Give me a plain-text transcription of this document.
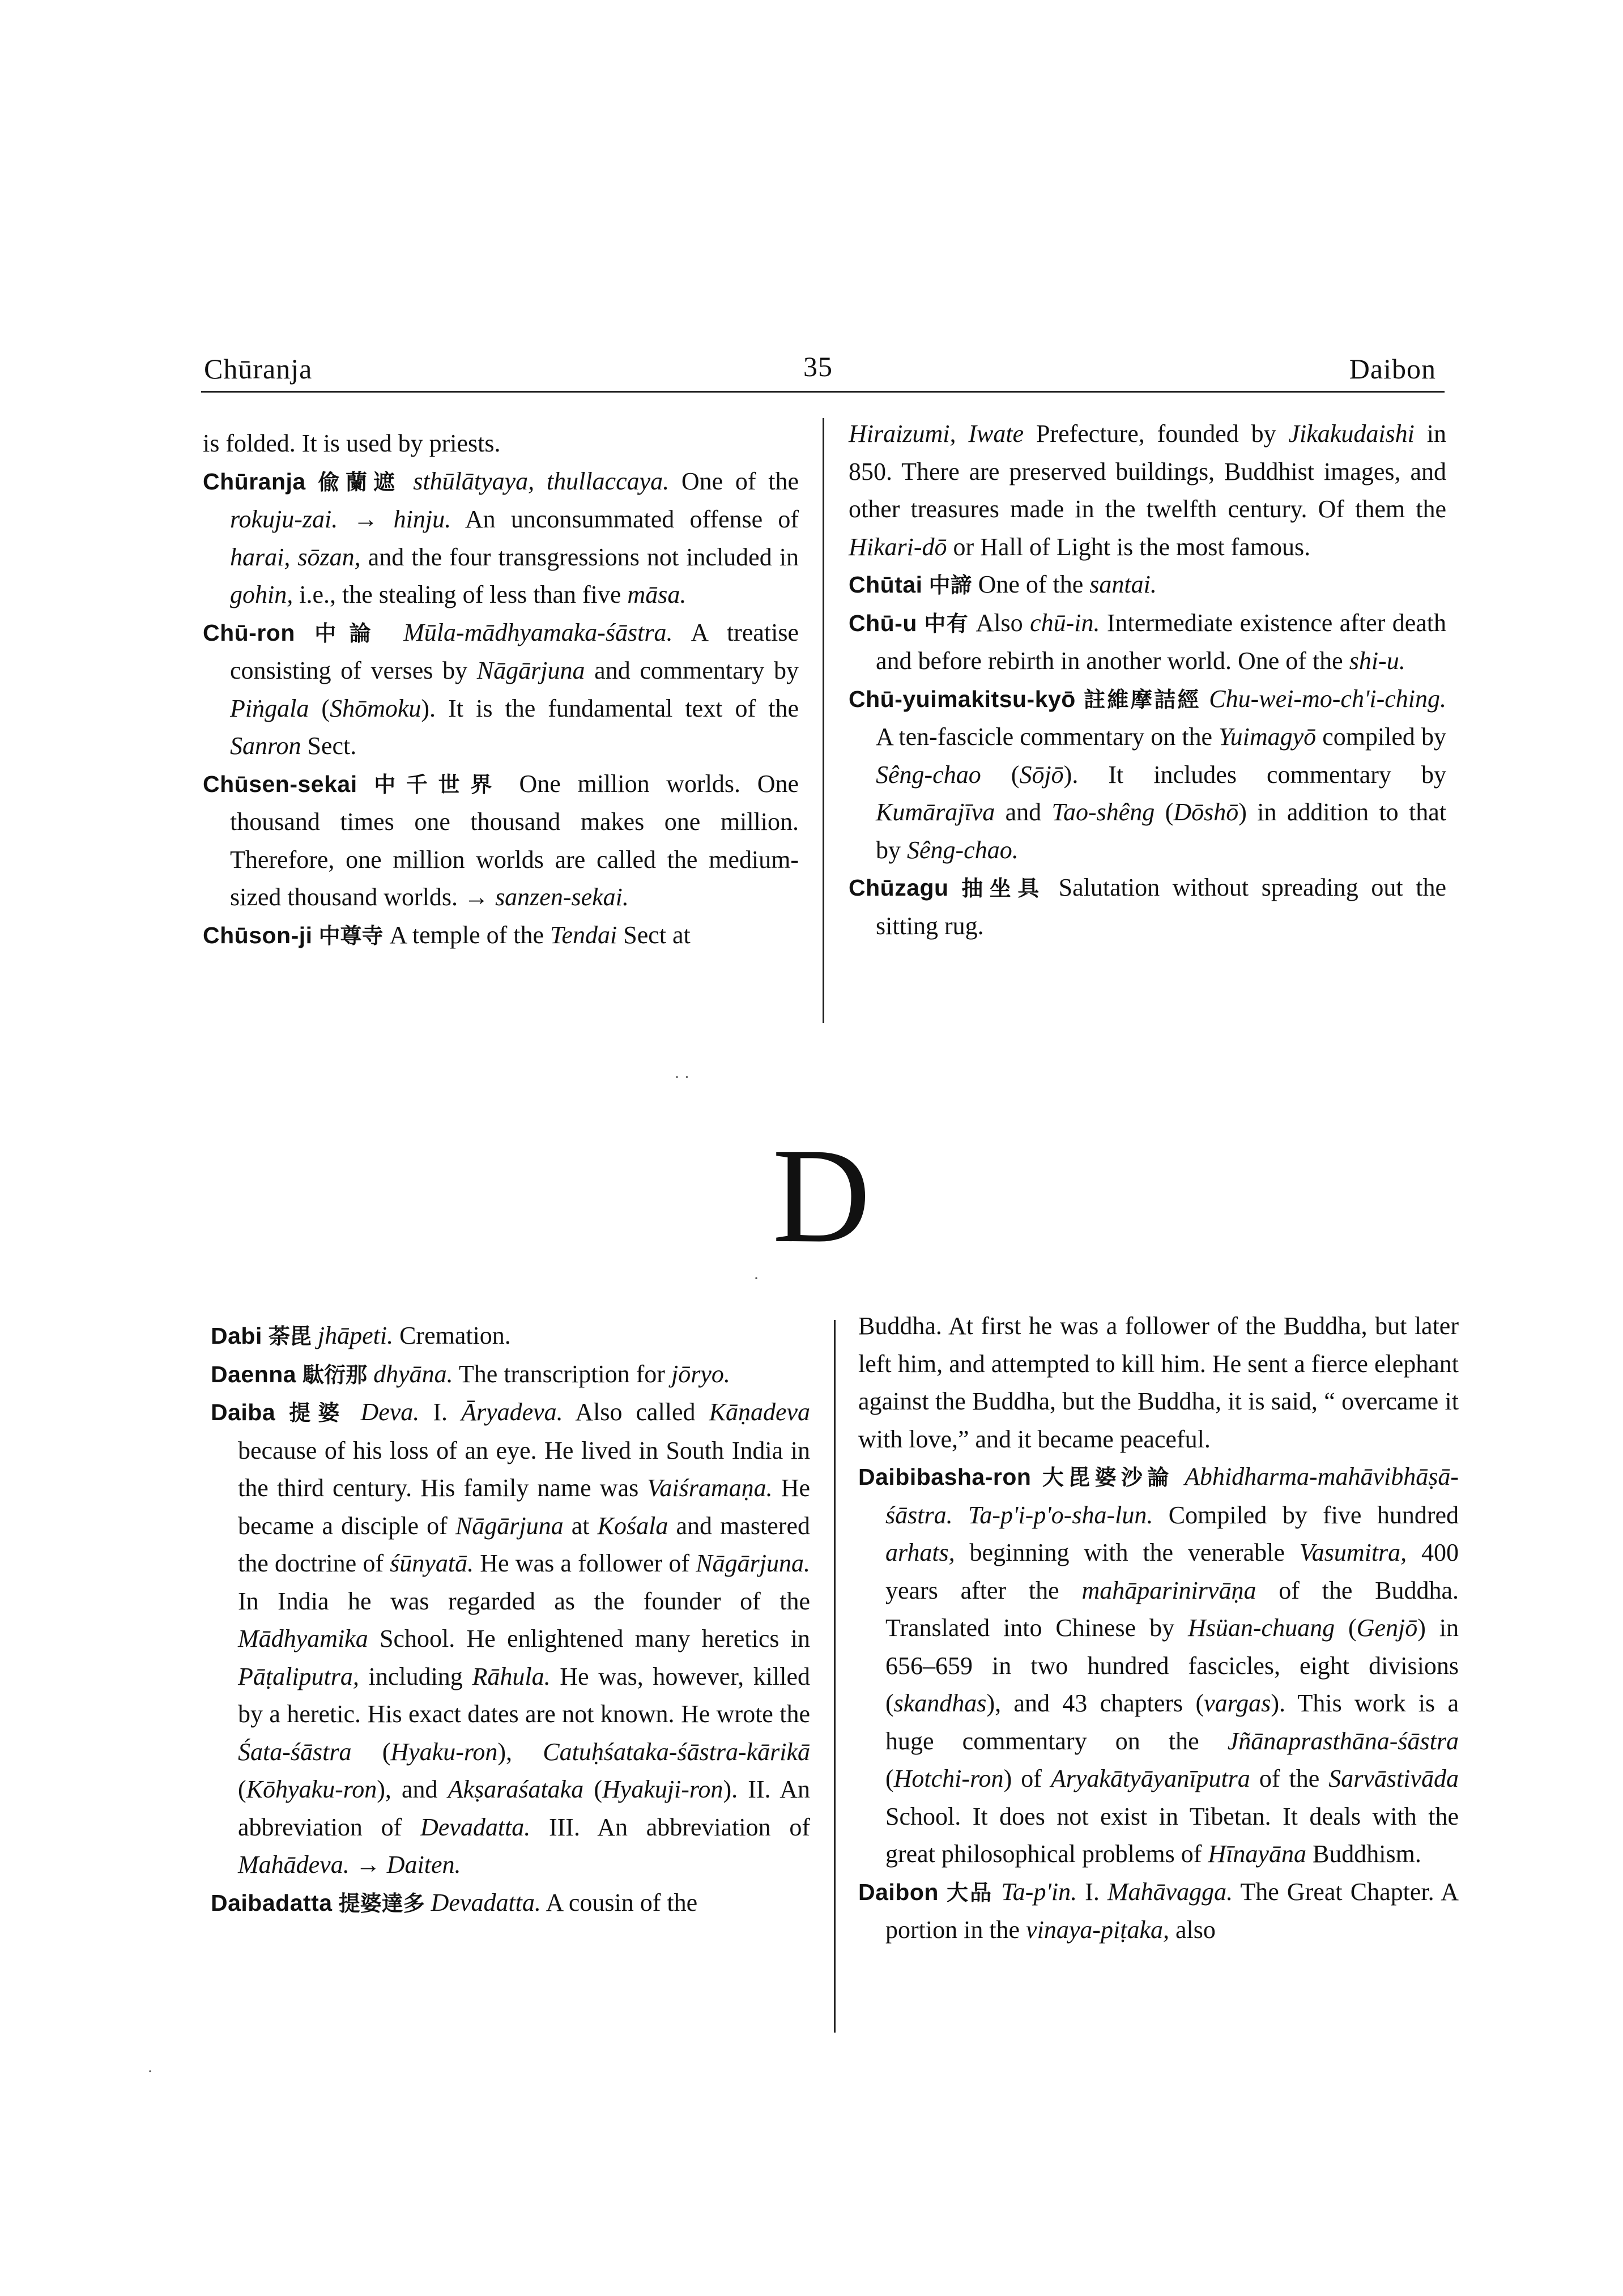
Chūranja	35	Daibon

is folded. It is used by priests.

Chūranja 偸蘭遮 sthūlātyaya, thullaccaya. One of the rokuju-zai. → hinju. An unconsummated offense of harai, sōzan, and the four transgressions not included in gohin, i.e., the stealing of less than five māsa.

Chū-ron 中論 Mūla-mādhyamaka-śāstra. A treatise consisting of verses by Nāgārjuna and commentary by Piṅgala (Shōmoku). It is the fundamental text of the Sanron Sect.

Chūsen-sekai 中千世界 One million worlds. One thousand times one thousand makes one million. Therefore, one million worlds are called the medium-sized thousand worlds. → sanzen-sekai.

Chūson-ji 中尊寺 A temple of the Tendai Sect at

Hiraizumi, Iwate Prefecture, founded by Jikakudaishi in 850. There are preserved buildings, Buddhist images, and other treasures made in the twelfth century. Of them the Hikari-dō or Hall of Light is the most famous.

Chūtai 中諦 One of the santai.

Chū-u 中有 Also chū-in. Intermediate existence after death and before rebirth in another world. One of the shi-u.

Chū-yuimakitsu-kyō 註維摩詰經 Chu-wei-mo-ch'i-ching. A ten-fascicle commentary on the Yuimagyō compiled by Sêng-chao (Sōjō). It includes commentary by Kumārajīva and Tao-shêng (Dōshō) in addition to that by Sêng-chao.

Chūzagu 抽坐具 Salutation without spreading out the sitting rug.

D

Dabi 荼毘 jhāpeti. Cremation.

Daenna 駄衍那 dhyāna. The transcription for jōryo.

Daiba 提婆 Deva. I. Āryadeva. Also called Kāṇadeva because of his loss of an eye. He lived in South India in the third century. His family name was Vaiśramaṇa. He became a disciple of Nāgārjuna at Kośala and mastered the doctrine of śūnyatā. He was a follower of Nāgārjuna. In India he was regarded as the founder of the Mādhyamika School. He enlightened many heretics in Pāṭaliputra, including Rāhula. He was, however, killed by a heretic. His exact dates are not known. He wrote the Śata-śāstra (Hyaku-ron), Catuḥśataka-śāstra-kārikā (Kōhyaku-ron), and Akṣaraśataka (Hyakuji-ron). II. An abbreviation of Devadatta. III. An abbreviation of Mahādeva. → Daiten.

Daibadatta 提婆達多 Devadatta. A cousin of the

Buddha. At first he was a follower of the Buddha, but later left him, and attempted to kill him. He sent a fierce elephant against the Buddha, but the Buddha, it is said, “ overcame it with love,” and it became peaceful.

Daibibasha-ron 大毘婆沙論 Abhidharma-mahāvibhāṣā-śāstra. Ta-p'i-p'o-sha-lun. Compiled by five hundred arhats, beginning with the venerable Vasumitra, 400 years after the mahāparinirvāṇa of the Buddha. Translated into Chinese by Hsüan-chuang (Genjō) in 656–659 in two hundred fascicles, eight divisions (skandhas), and 43 chapters (vargas). This work is a huge commentary on the Jñānaprasthāna-śāstra (Hotchi-ron) of Aryakātyāyanīputra of the Sarvāstivāda School. It does not exist in Tibetan. It deals with the great philosophical problems of Hīnayāna Buddhism.

Daibon 大品 Ta-p'in. I. Mahāvagga. The Great Chapter. A portion in the vinaya-piṭaka, also

· ·
·
·
